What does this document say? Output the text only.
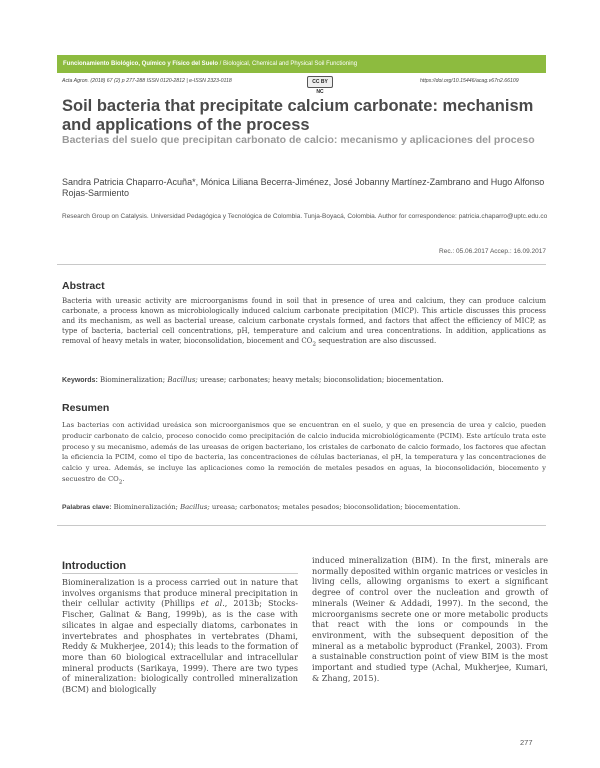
Funcionamiento Biológico, Químico y Físico del Suelo / Biological, Chemical and Physical Soil Functioning
Acta Agron. (2018) 67 (2) p 277-288 ISSN 0120-2812 | e-ISSN 2323-0118	CC BY NC
https://doi.org/10.15446/acag.v67n2.66109
Soil bacteria that precipitate calcium carbonate: mechanism and applications of the process
Bacterias del suelo que precipitan carbonato de calcio: mecanismo y aplicaciones del proceso
Sandra Patricia Chaparro-Acuña*, Mónica Liliana Becerra-Jiménez, José Jobanny Martínez-Zambrano and Hugo Alfonso Rojas-Sarmiento
Research Group on Catalysis. Universidad Pedagógica y Tecnológica de Colombia. Tunja-Boyacá, Colombia. Author for correspondence: patricia.chaparro@uptc.edu.co
Rec.: 05.06.2017 Accep.: 16.09.2017
Abstract
Bacteria with ureasic activity are microorganisms found in soil that in presence of urea and calcium, they can produce calcium carbonate, a process known as microbiologically induced calcium carbonate precipitation (MICP). This article discusses this process and its mechanism, as well as bacterial urease, calcium carbonate crystals formed, and factors that affect the efficiency of MICP, as type of bacteria, bacterial cell concentrations, pH, temperature and calcium and urea concentrations. In addition, applications as removal of heavy metals in water, bioconsolidation, biocement and $CO_2$ sequestration are also discussed.
Keywords: Biomineralization; Bacillus; urease; carbonates; heavy metals; bioconsolidation; biocementation.
Resumen
Las bacterias con actividad ureásica son microorganismos que se encuentran en el suelo, y que en presencia de urea y calcio, pueden producir carbonato de calcio, proceso conocido como precipitación de calcio inducida microbiológicamente (PCIM). Este artículo trata este proceso y su mecanismo, además de las ureasas de origen bacteriano, los cristales de carbonato de calcio formado, los factores que afectan la eficiencia la PCIM, como el tipo de bacteria, las concentraciones de células bacterianas, el pH, la temperatura y las concentraciones de calcio y urea. Además, se incluye las aplicaciones como la remoción de metales pesados en aguas, la bioconsolidación, biocemento y secuestro de $CO_2$.
Palabras clave: Biomineralización; Bacillus; ureasa; carbonatos; metales pesados; bioconsolidation; biocementation.
Introduction

Biomineralization is a process carried out in nature that involves organisms that produce mineral precipitation in their cellular activity (Phillips et al., 2013b; Stocks-Fischer, Galinat & Bang, 1999b), as is the case with silicates in algae and especially diatoms, carbonates in invertebrates and phosphates in vertebrates (Dhami, Reddy & Mukherjee, 2014); this leads to the formation of more than 60 biological extracellular and intracellular mineral products (Sarikaya, 1999). There are two types of mineralization: biologically controlled mineralization (BCM) and biologically

induced mineralization (BIM). In the first, minerals are normally deposited within organic matrices or vesicles in living cells, allowing organisms to exert a significant degree of control over the nucleation and growth of minerals (Weiner & Addadi, 1997). In the second, the microorganisms secrete one or more metabolic products that react with the ions or compounds in the environment, with the subsequent deposition of the mineral as a metabolic byproduct (Frankel, 2003). From a sustainable construction point of view BIM is the most important and studied type (Achal, Mukherjee, Kumari, & Zhang, 2015).

277
